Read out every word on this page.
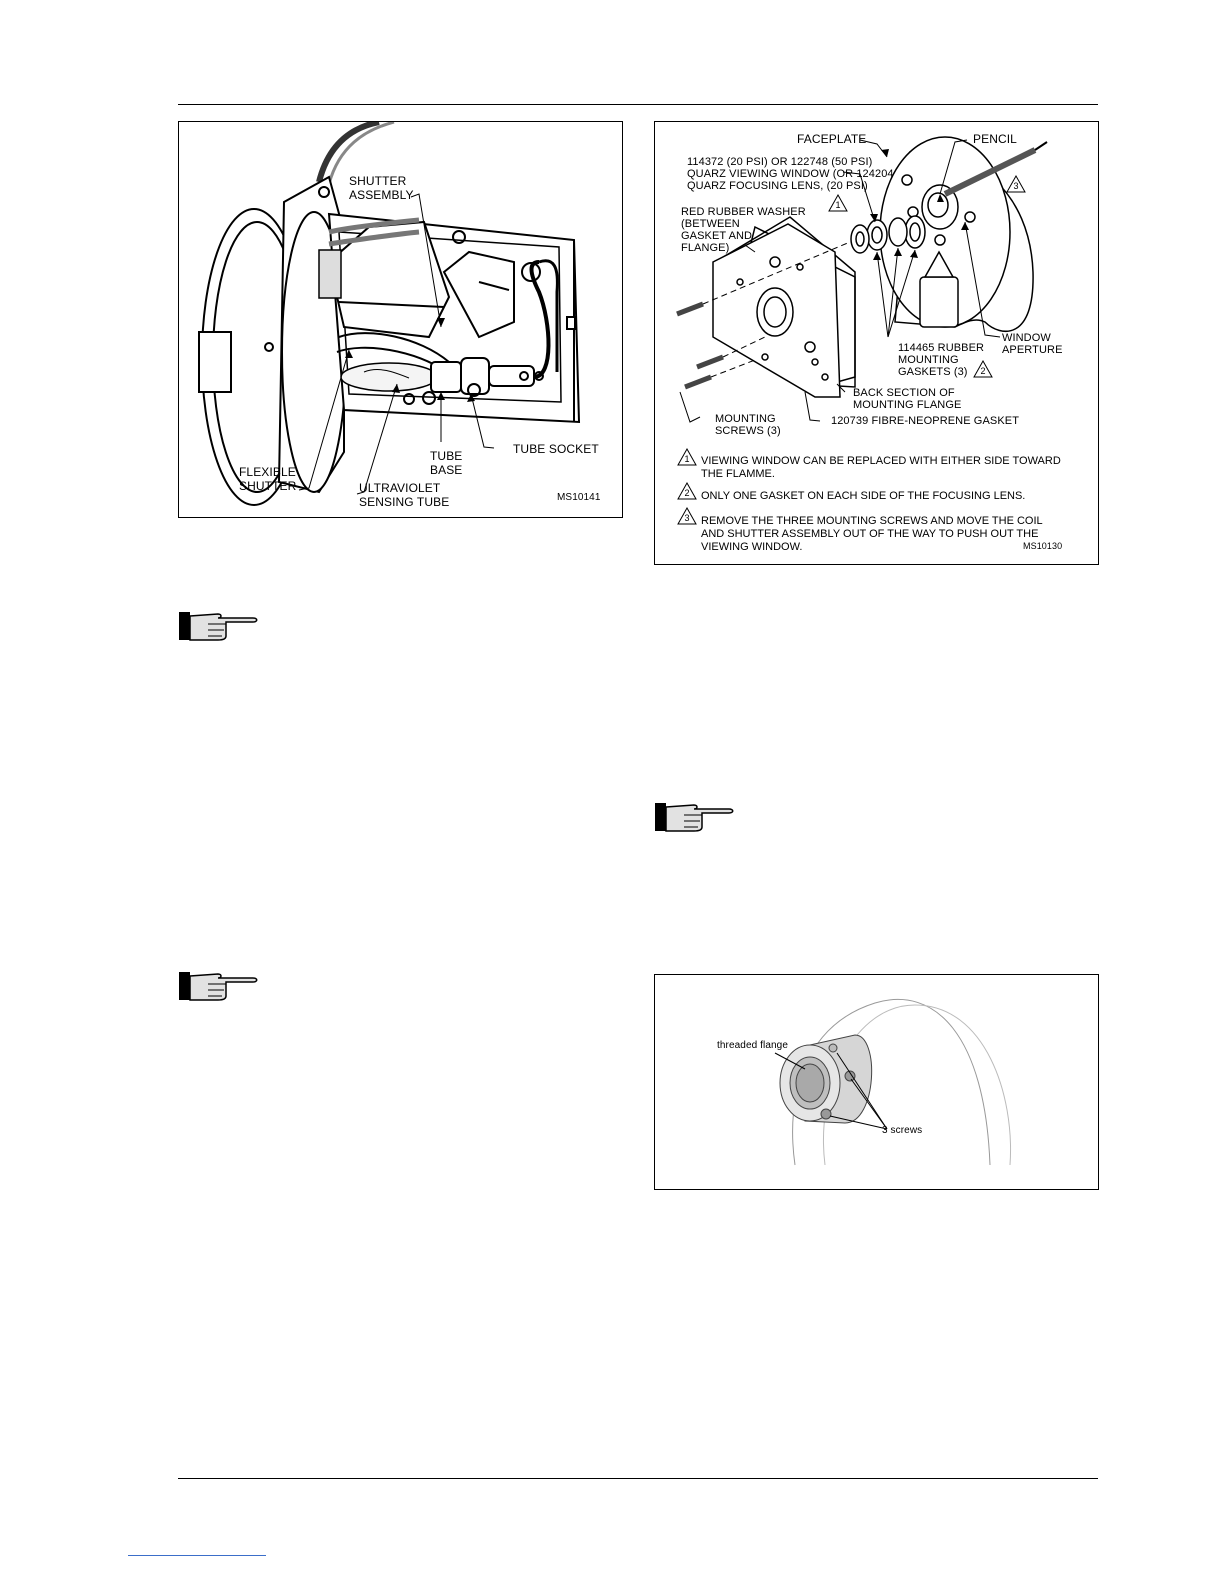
SHUTTER
ASSEMBLY
TUBE SOCKET
TUBE
BASE
FLEXIBLE
SHUTTER	ULTRAVIOLET
SENSING TUBE	MS10141
FACEPLATE	PENCIL
114372 (20 PSI) OR 122748 (50 PSI)
QUARZ VIEWING WINDOW (OR 124204
QUARZ FOCUSING LENS, (20 PSI)
RED RUBBER WASHER
(BETWEEN
GASKET AND
FLANGE)
WINDOW
APERTURE
114465 RUBBER
MOUNTING
GASKETS (3)
BACK SECTION OF
MOUNTING FLANGE
MOUNTING
SCREWS (3)
120739 FIBRE-NEOPRENE GASKET
1
2
3
1	VIEWING WINDOW CAN BE REPLACED WITH EITHER SIDE TOWARD
THE FLAMME.
2	ONLY ONE GASKET ON EACH SIDE OF THE FOCUSING LENS.
3	REMOVE THE THREE MOUNTING SCREWS AND MOVE THE COIL
AND SHUTTER ASSEMBLY OUT OF THE WAY TO PUSH OUT THE
VIEWING WINDOW.	MS10130
threaded flange
3 screws
